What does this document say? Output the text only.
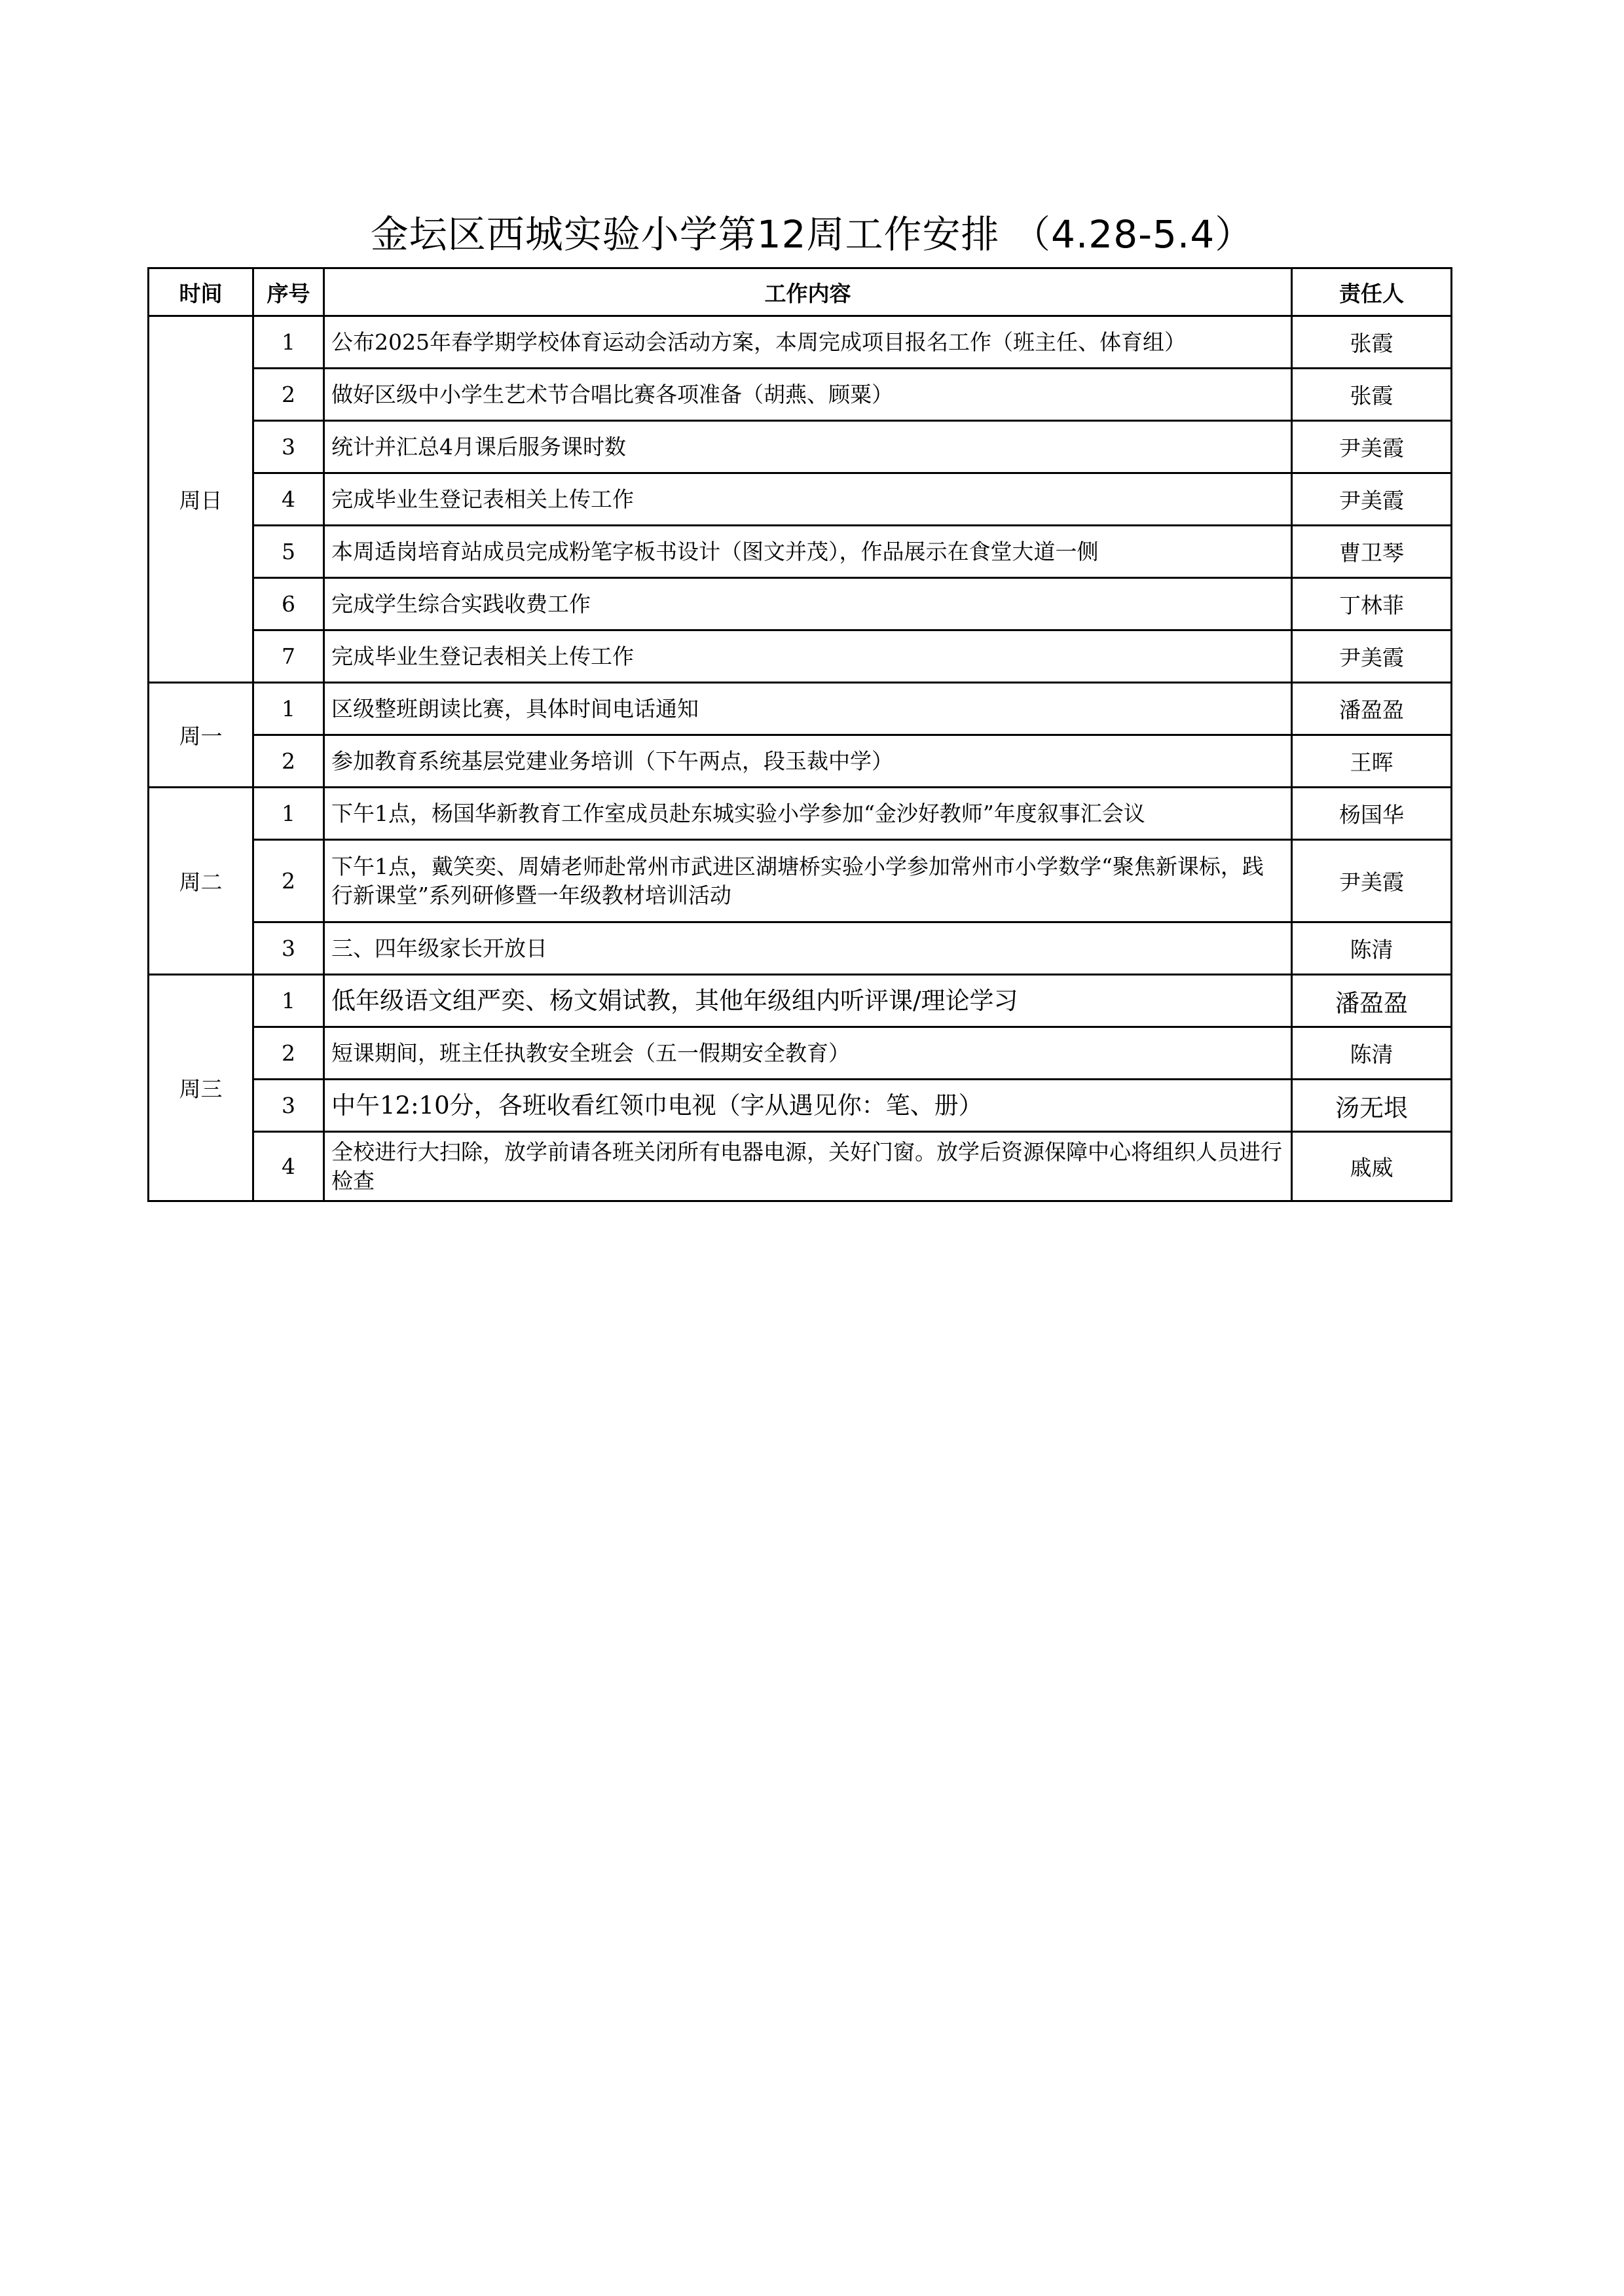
金坛区西城实验小学第12周工作安排 （4.28-5.4）
时间	序号	工作内容	责任人
周日	1	公布2025年春学期学校体育运动会活动方案，本周完成项目报名工作（班主任、体育组）	张霞
	2	做好区级中小学生艺术节合唱比赛各项准备（胡燕、顾粟）	张霞
	3	统计并汇总4月课后服务课时数	尹美霞
	4	完成毕业生登记表相关上传工作	尹美霞
	5	本周适岗培育站成员完成粉笔字板书设计（图文并茂），作品展示在食堂大道一侧	曹卫琴
	6	完成学生综合实践收费工作	丁林菲
	7	完成毕业生登记表相关上传工作	尹美霞
周一	1	区级整班朗读比赛，具体时间电话通知	潘盈盈
	2	参加教育系统基层党建业务培训（下午两点，段玉裁中学）	王晖
周二	1	下午1点，杨国华新教育工作室成员赴东城实验小学参加“金沙好教师”年度叙事汇会议	杨国华
	2	下午1点，戴笑奕、周婧老师赴常州市武进区湖塘桥实验小学参加常州市小学数学“聚焦新课标，践行新课堂”系列研修暨一年级教材培训活动	尹美霞
	3	三、四年级家长开放日	陈清
周三	1	低年级语文组严奕、杨文娟试教，其他年级组内听评课/理论学习	潘盈盈
	2	短课期间，班主任执教安全班会（五一假期安全教育）	陈清
	3	中午12:10分，各班收看红领巾电视（字从遇见你：笔、册）	汤无垠
	4	全校进行大扫除，放学前请各班关闭所有电器电源，关好门窗。放学后资源保障中心将组织人员进行检查	戚威
